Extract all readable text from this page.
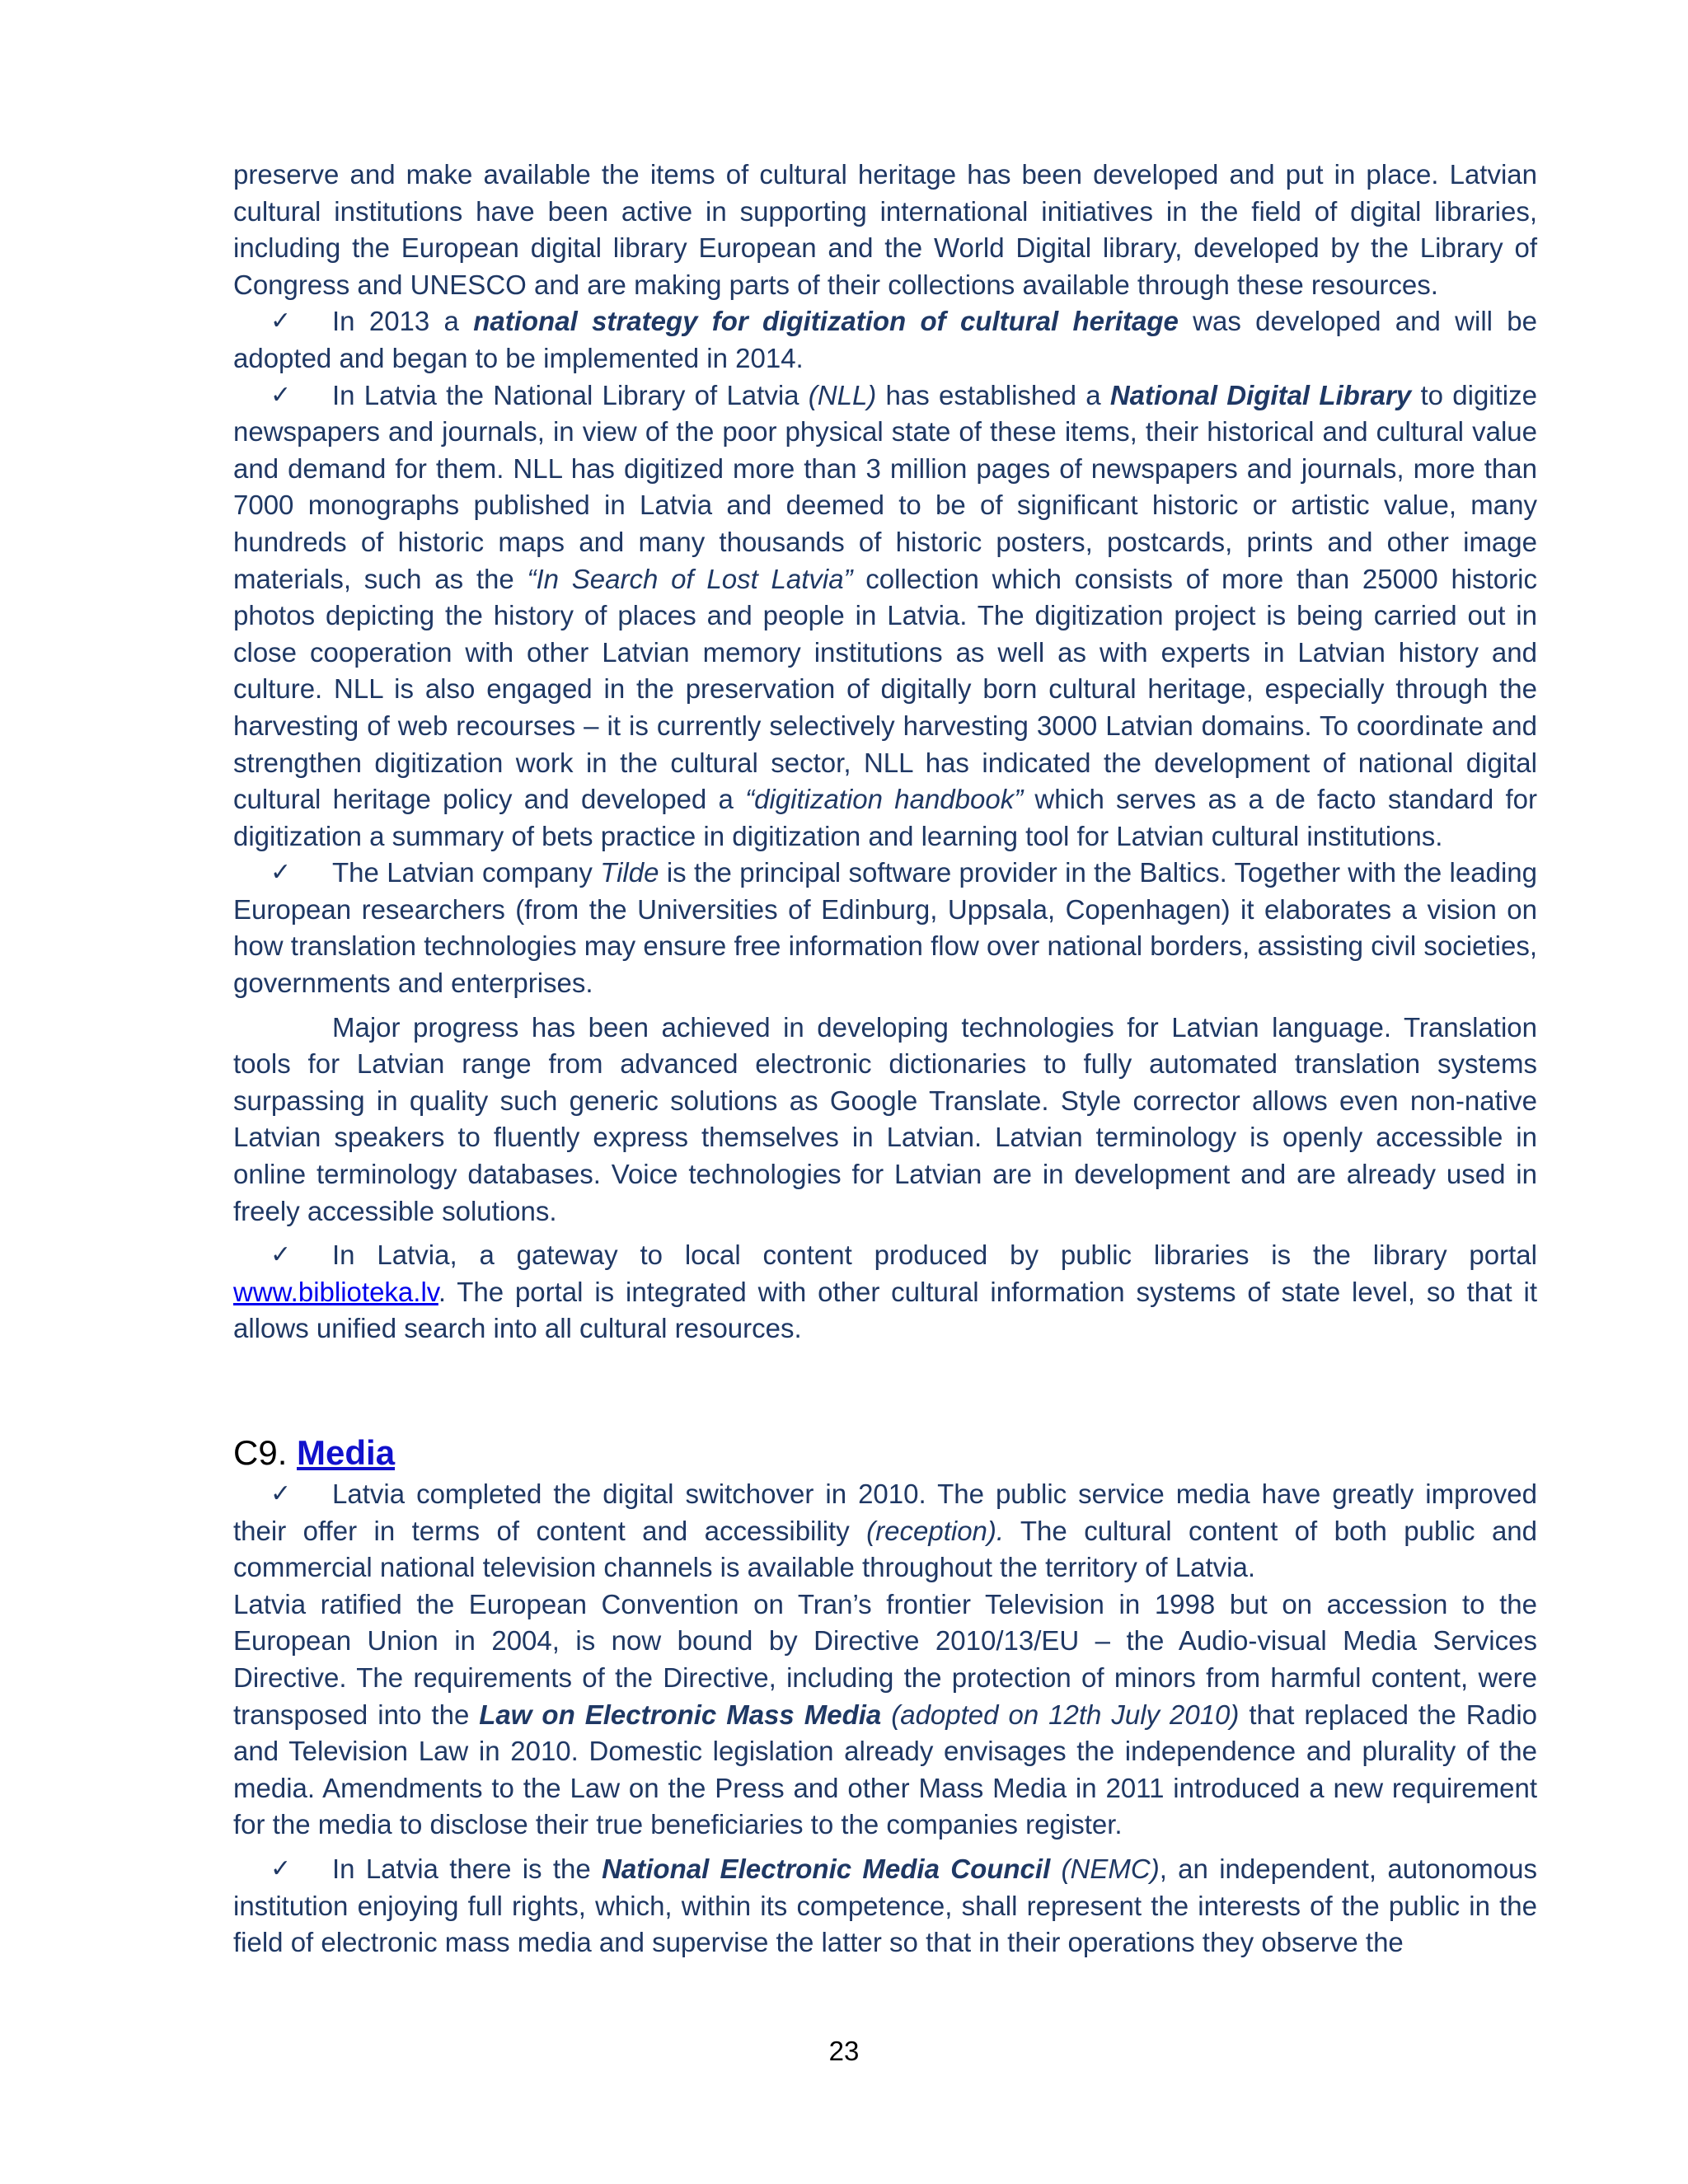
preserve and make available the items of cultural heritage has been developed and put in place. Latvian cultural institutions have been active in supporting international initiatives in the field of digital libraries, including the European digital library European and the World Digital library, developed by the Library of Congress and UNESCO and are making parts of their collections available through these resources.

✓ In 2013 a national strategy for digitization of cultural heritage was developed and will be adopted and began to be implemented in 2014.

✓ In Latvia the National Library of Latvia (NLL) has established a National Digital Library to digitize newspapers and journals, in view of the poor physical state of these items, their historical and cultural value and demand for them. NLL has digitized more than 3 million pages of newspapers and journals, more than 7000 monographs published in Latvia and deemed to be of significant historic or artistic value, many hundreds of historic maps and many thousands of historic posters, postcards, prints and other image materials, such as the “In Search of Lost Latvia” collection which consists of more than 25000 historic photos depicting the history of places and people in Latvia. The digitization project is being carried out in close cooperation with other Latvian memory institutions as well as with experts in Latvian history and culture. NLL is also engaged in the preservation of digitally born cultural heritage, especially through the harvesting of web recourses – it is currently selectively harvesting 3000 Latvian domains. To coordinate and strengthen digitization work in the cultural sector, NLL has indicated the development of national digital cultural heritage policy and developed a “digitization handbook” which serves as a de facto standard for digitization a summary of bets practice in digitization and learning tool for Latvian cultural institutions.

✓ The Latvian company Tilde is the principal software provider in the Baltics. Together with the leading European researchers (from the Universities of Edinburg, Uppsala, Copenhagen) it elaborates a vision on how translation technologies may ensure free information flow over national borders, assisting civil societies, governments and enterprises.

Major progress has been achieved in developing technologies for Latvian language. Translation tools for Latvian range from advanced electronic dictionaries to fully automated translation systems surpassing in quality such generic solutions as Google Translate. Style corrector allows even non-native Latvian speakers to fluently express themselves in Latvian. Latvian terminology is openly accessible in online terminology databases. Voice technologies for Latvian are in development and are already used in freely accessible solutions.

✓ In Latvia, a gateway to local content produced by public libraries is the library portal www.biblioteka.lv. The portal is integrated with other cultural information systems of state level, so that it allows unified search into all cultural resources.

C9. Media

✓ Latvia completed the digital switchover in 2010. The public service media have greatly improved their offer in terms of content and accessibility (reception). The cultural content of both public and commercial national television channels is available throughout the territory of Latvia.

Latvia ratified the European Convention on Tran’s frontier Television in 1998 but on accession to the European Union in 2004, is now bound by Directive 2010/13/EU – the Audio-visual Media Services Directive. The requirements of the Directive, including the protection of minors from harmful content, were transposed into the Law on Electronic Mass Media (adopted on 12th July 2010) that replaced the Radio and Television Law in 2010. Domestic legislation already envisages the independence and plurality of the media. Amendments to the Law on the Press and other Mass Media in 2011 introduced a new requirement for the media to disclose their true beneficiaries to the companies register.

✓ In Latvia there is the National Electronic Media Council (NEMC), an independent, autonomous institution enjoying full rights, which, within its competence, shall represent the interests of the public in the field of electronic mass media and supervise the latter so that in their operations they observe the

23
